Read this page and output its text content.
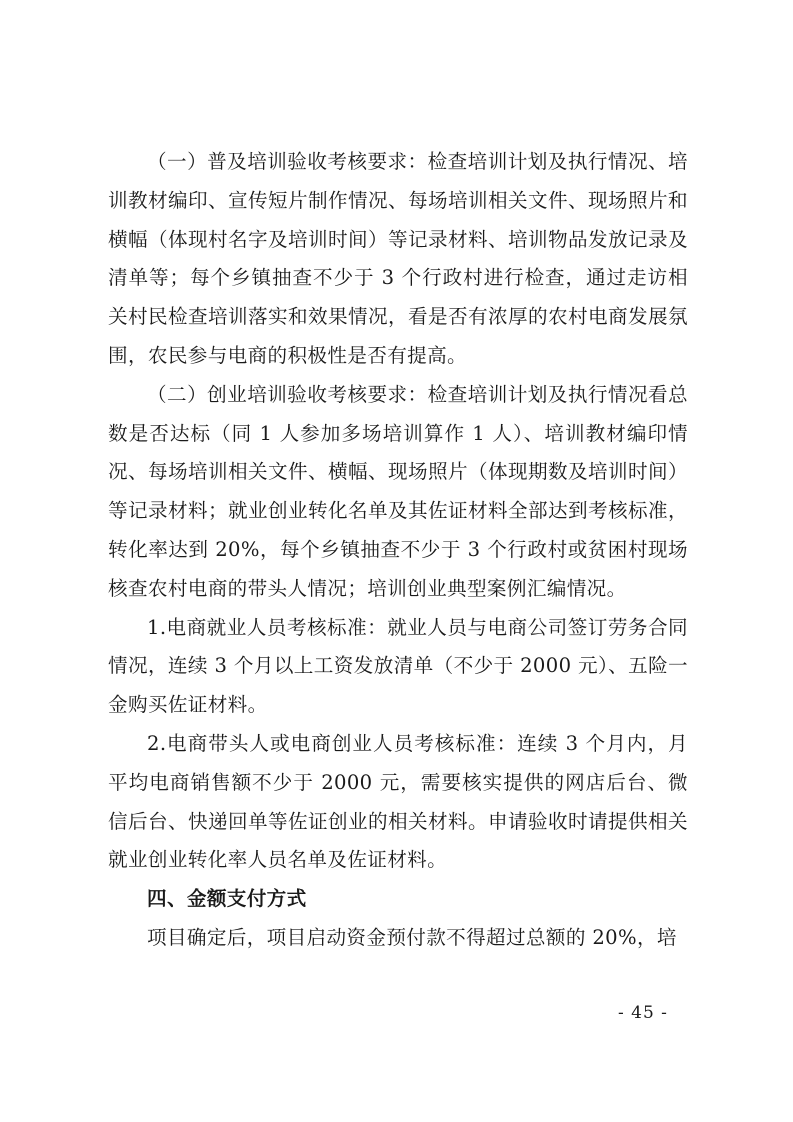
（一）普及培训验收考核要求：检查培训计划及执行情况、培训教材编印、宣传短片制作情况、每场培训相关文件、现场照片和横幅（体现村名字及培训时间）等记录材料、培训物品发放记录及清单等；每个乡镇抽查不少于 3 个行政村进行检查，通过走访相关村民检查培训落实和效果情况，看是否有浓厚的农村电商发展氛围，农民参与电商的积极性是否有提高。

（二）创业培训验收考核要求：检查培训计划及执行情况看总数是否达标（同 1 人参加多场培训算作 1 人）、培训教材编印情况、每场培训相关文件、横幅、现场照片（体现期数及培训时间）等记录材料；就业创业转化名单及其佐证材料全部达到考核标准，转化率达到 20%，每个乡镇抽查不少于 3 个行政村或贫困村现场核查农村电商的带头人情况；培训创业典型案例汇编情况。

1.电商就业人员考核标准：就业人员与电商公司签订劳务合同情况，连续 3 个月以上工资发放清单（不少于 2000 元）、五险一金购买佐证材料。

2.电商带头人或电商创业人员考核标准：连续 3 个月内，月平均电商销售额不少于 2000 元，需要核实提供的网店后台、微信后台、快递回单等佐证创业的相关材料。申请验收时请提供相关就业创业转化率人员名单及佐证材料。

四、金额支付方式

项目确定后，项目启动资金预付款不得超过总额的 20%，培

- 45 -
